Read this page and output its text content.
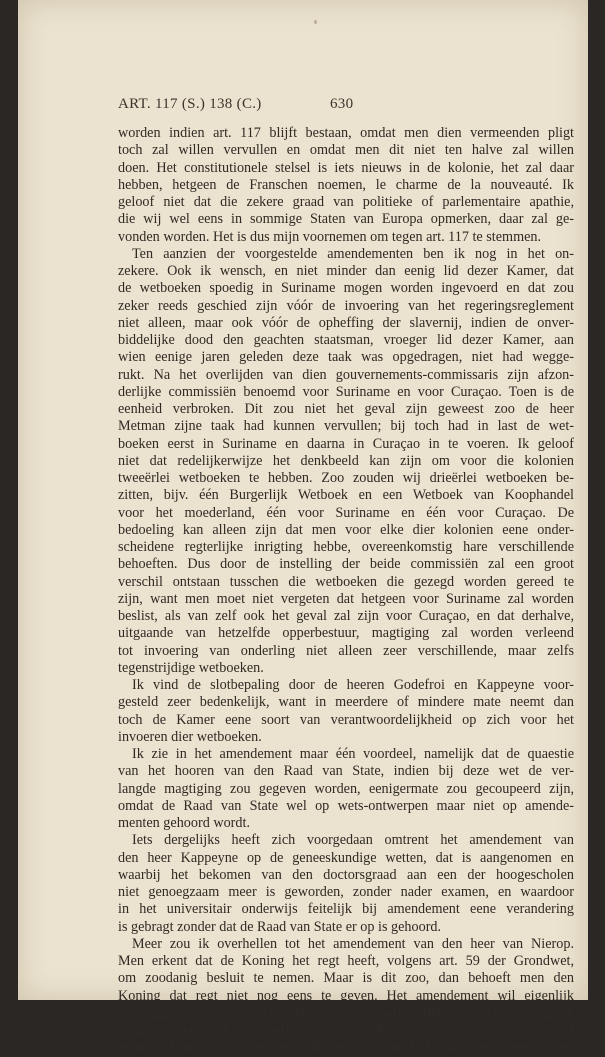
ART. 117 (S.) 138 (C.)	630
worden indien art. 117 blijft bestaan, omdat men dien vermeenden pligt
toch zal willen vervullen en omdat men dit niet ten halve zal willen
doen. Het constitutionele stelsel is iets nieuws in de kolonie, het zal daar
hebben, hetgeen de Franschen noemen, le charme de la nouveauté. Ik
geloof niet dat die zekere graad van politieke of parlementaire apathie,
die wij wel eens in sommige Staten van Europa opmerken, daar zal ge-
vonden worden. Het is dus mijn voornemen om tegen art. 117 te stemmen.
Ten aanzien der voorgestelde amendementen ben ik nog in het on-
zekere. Ook ik wensch, en niet minder dan eenig lid dezer Kamer, dat
de wetboeken spoedig in Suriname mogen worden ingevoerd en dat zou
zeker reeds geschied zijn vóór de invoering van het regeringsreglement
niet alleen, maar ook vóór de opheffing der slavernij, indien de onver-
biddelijke dood den geachten staatsman, vroeger lid dezer Kamer, aan
wien eenige jaren geleden deze taak was opgedragen, niet had wegge-
rukt. Na het overlijden van dien gouvernements-commissaris zijn afzon-
derlijke commissiën benoemd voor Suriname en voor Curaçao. Toen is de
eenheid verbroken. Dit zou niet het geval zijn geweest zoo de heer
Metman zijne taak had kunnen vervullen; bij toch had in last de wet-
boeken eerst in Suriname en daarna in Curaçao in te voeren. Ik geloof
niet dat redelijkerwijze het denkbeeld kan zijn om voor die kolonien
tweeërlei wetboeken te hebben. Zoo zouden wij drieërlei wetboeken be-
zitten, bijv. één Burgerlijk Wetboek en een Wetboek van Koophandel
voor het moederland, één voor Suriname en één voor Curaçao. De
bedoeling kan alleen zijn dat men voor elke dier kolonien eene onder-
scheidene regterlijke inrigting hebbe, overeenkomstig hare verschillende
behoeften. Dus door de instelling der beide commissiën zal een groot
verschil ontstaan tusschen die wetboeken die gezegd worden gereed te
zijn, want men moet niet vergeten dat hetgeen voor Suriname zal worden
beslist, als van zelf ook het geval zal zijn voor Curaçao, en dat derhalve,
uitgaande van hetzelfde opperbestuur, magtiging zal worden verleend
tot invoering van onderling niet alleen zeer verschillende, maar zelfs
tegenstrijdige wetboeken.
Ik vind de slotbepaling door de heeren Godefroi en Kappeyne voor-
gesteld zeer bedenkelijk, want in meerdere of mindere mate neemt dan
toch de Kamer eene soort van verantwoordelijkheid op zich voor het
invoeren dier wetboeken.
Ik zie in het amendement maar één voordeel, namelijk dat de quaestie
van het hooren van den Raad van State, indien bij deze wet de ver-
langde magtiging zou gegeven worden, eenigermate zou gecoupeerd zijn,
omdat de Raad van State wel op wets-ontwerpen maar niet op amende-
menten gehoord wordt.
Iets dergelijks heeft zich voorgedaan omtrent het amendement van
den heer Kappeyne op de geneeskundige wetten, dat is aangenomen en
waarbij het bekomen van den doctorsgraad aan een der hoogescholen
niet genoegzaam meer is geworden, zonder nader examen, en waardoor
in het universitair onderwijs feitelijk bij amendement eene verandering
is gebragt zonder dat de Raad van State er op is gehoord.
Meer zou ik overhellen tot het amendement van den heer van Nierop.
Men erkent dat de Koning het regt heeft, volgens art. 59 der Grondwet,
om zoodanig besluit te nemen. Maar is dit zoo, dan behoeft men den
Koning dat regt niet nog eens te geven. Het amendement wil eigenlijk
dit zeggen: voer die wetboeken maar in, wij zullen nu niet doen gelijk
eenige jaren geleden, wij zullen de Regering daarvan geene grief
maken. Maar in de wet acht ik het misplaatst. Ik zou het meest over-
